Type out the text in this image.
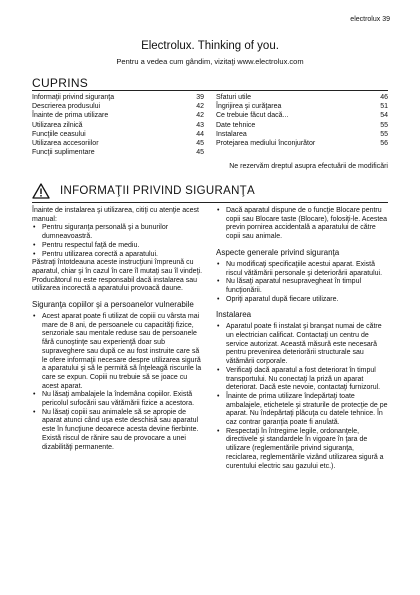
electrolux 39
Electrolux. Thinking of you.
Pentru a vedea cum gândim, vizitaţi www.electrolux.com
CUPRINS
Informaţii privind siguranţa	39
Descrierea produsului	42
Înainte de prima utilizare	42
Utilizarea zilnică	43
Funcţiile ceasului	44
Utilizarea accesoriilor	45
Funcţii suplimentare	45
Sfaturi utile	46
Îngrijirea şi curăţarea	51
Ce trebuie făcut dacă...	54
Date tehnice	55
Instalarea	55
Protejarea mediului înconjurător	56
Ne rezervăm dreptul asupra efectuării de modificări
INFORMAŢII PRIVIND SIGURANŢA

Înainte de instalarea şi utilizarea, citiţi cu atenţie acest manual:

• Pentru siguranţa personală şi a bunurilor dumneavoastră.

• Pentru respectul faţă de mediu.

• Pentru utilizarea corectă a aparatului.

Păstraţi întotdeauna aceste instrucţiuni împreună cu aparatul, chiar şi în cazul în care îl mutaţi sau îl vindeţi.

Producătorul nu este responsabil dacă instalarea sau utilizarea incorectă a aparatului provoacă daune.

Siguranţa copiilor şi a persoanelor vulnerabile

• Acest aparat poate fi utilizat de copiii cu vârsta mai mare de 8 ani, de persoanele cu capacităţi fizice, senzoriale sau mentale reduse sau de persoanele fără cunoştinţe sau experienţă doar sub supraveghere sau după ce au fost instruite care să le ofere informaţii necesare despre utilizarea sigură a aparatului şi să le permită să înţeleagă riscurile la care se expun. Copiii nu trebuie să se joace cu acest aparat.

• Nu lăsaţi ambalajele la îndemâna copiilor. Există pericolul sufocării sau vătămării fizice a acestora.

• Nu lăsaţi copiii sau animalele să se apropie de aparat atunci când uşa este deschisă sau aparatul este în funcţiune deoarece acesta devine fierbinte. Există riscul de rănire sau de provocare a unei dizabilităţi permanente.

• Dacă aparatul dispune de o funcţie Blocare pentru copii sau Blocare taste (Blocare), folosiţi-le. Acestea previn pornirea accidentală a aparatului de către copii sau animale.

Aspecte generale privind siguranţa

• Nu modificaţi specificaţiile acestui aparat. Există riscul vătămării personale şi deteriorării aparatului.

• Nu lăsaţi aparatul nesupravegheat în timpul funcţionării.

• Opriţi aparatul după fiecare utilizare.

Instalarea

• Aparatul poate fi instalat şi branşat numai de către un electrician calificat. Contactaţi un centru de service autorizat. Această măsură este necesară pentru prevenirea deteriorării structurale sau vătămării corporale.

• Verificaţi dacă aparatul a fost deteriorat în timpul transportului. Nu conectaţi la priză un aparat deteriorat. Dacă este nevoie, contactaţi furnizorul.

• Înainte de prima utilizare îndepărtaţi toate ambalajele, etichetele şi straturile de protecţie de pe aparat. Nu îndepărtaţi plăcuţa cu datele tehnice. În caz contrar garanţia poate fi anulată.

• Respectaţi în întregime legile, ordonanţele, directivele şi standardele în vigoare în ţara de utilizare (reglementările privind siguranţa, reciclarea, reglementările vizând utilizarea sigură a curentului electric sau gazului etc.).
